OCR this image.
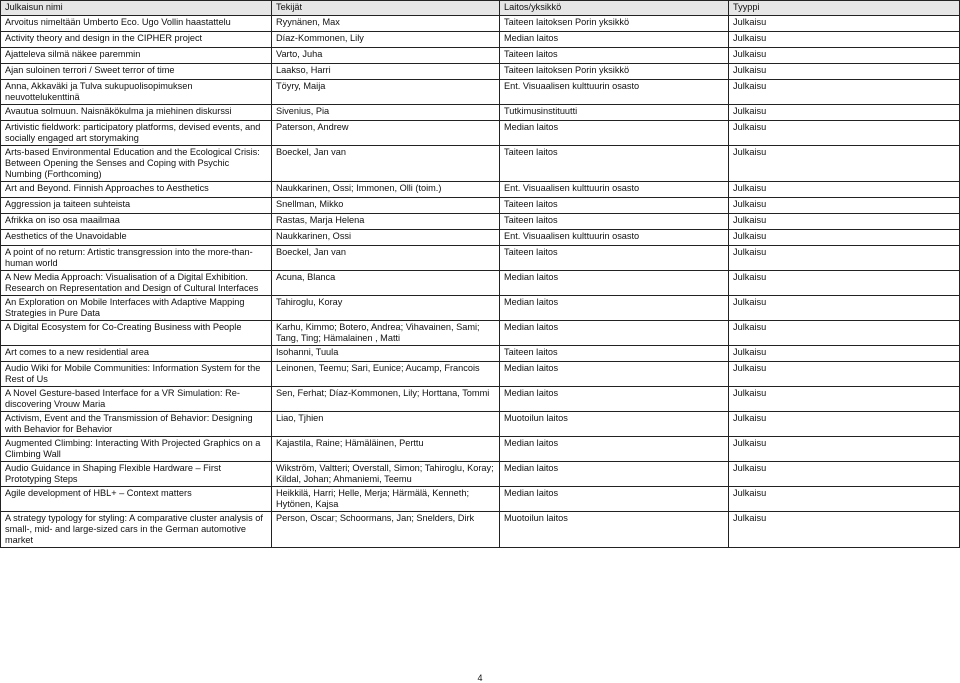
Julkaisun nimi	Tekijät	Laitos/yksikkö	Tyyppi
Arvoitus nimeltään Umberto Eco. Ugo Vollin haastattelu	Ryynänen, Max	Taiteen laitoksen Porin yksikkö	Julkaisu
Activity theory and design in the CIPHER project	Díaz-Kommonen, Lily	Median laitos	Julkaisu
Ajatteleva silmä näkee paremmin	Varto, Juha	Taiteen laitos	Julkaisu
Ajan suloinen terrori / Sweet terror of time	Laakso, Harri	Taiteen laitoksen Porin yksikkö	Julkaisu
Anna, Akkaväki ja Tulva sukupuolisopimuksen neuvottelukenttinä	Töyry, Maija	Ent. Visuaalisen kulttuurin osasto	Julkaisu
Avautua solmuun. Naisnäkökulma ja miehinen diskurssi	Sivenius, Pia	Tutkimusinstituutti	Julkaisu
Artivistic fieldwork: participatory platforms, devised events, and socially engaged art storymaking	Paterson, Andrew	Median laitos	Julkaisu
Arts-based Environmental Education and the Ecological Crisis: Between Opening the Senses and Coping with Psychic Numbing (Forthcoming)	Boeckel, Jan van	Taiteen laitos	Julkaisu
Art and Beyond. Finnish Approaches to Aesthetics	Naukkarinen, Ossi; Immonen, Olli (toim.)	Ent. Visuaalisen kulttuurin osasto	Julkaisu
Aggression ja taiteen suhteista	Snellman, Mikko	Taiteen laitos	Julkaisu
Afrikka on iso osa maailmaa	Rastas, Marja Helena	Taiteen laitos	Julkaisu
Aesthetics of the Unavoidable	Naukkarinen, Ossi	Ent. Visuaalisen kulttuurin osasto	Julkaisu
A point of no return: Artistic transgression into the more-than-human world	Boeckel, Jan van	Taiteen laitos	Julkaisu
A New Media Approach: Visualisation of a Digital Exhibition. Research on Representation and Design of Cultural Interfaces	Acuna, Blanca	Median laitos	Julkaisu
An Exploration on Mobile Interfaces with Adaptive Mapping Strategies in Pure Data	Tahiroglu, Koray	Median laitos	Julkaisu
A Digital Ecosystem for Co-Creating Business with People	Karhu, Kimmo; Botero, Andrea; Vihavainen, Sami; Tang, Ting; Hämalainen , Matti	Median laitos	Julkaisu
Art comes to a new residential area	Isohanni, Tuula	Taiteen laitos	Julkaisu
Audio Wiki for Mobile Communities: Information System for the Rest of Us	Leinonen, Teemu; Sari, Eunice; Aucamp, Francois	Median laitos	Julkaisu
A Novel Gesture-based Interface for a VR Simulation: Re-discovering Vrouw Maria	Sen, Ferhat; Díaz-Kommonen, Lily; Horttana, Tommi	Median laitos	Julkaisu
Activism, Event and the Transmission of Behavior: Designing with Behavior for Behavior	Liao, Tjhien	Muotoilun laitos	Julkaisu
Augmented Climbing: Interacting With Projected Graphics on a Climbing Wall	Kajastila, Raine; Hämäläinen, Perttu	Median laitos	Julkaisu
Audio Guidance in Shaping Flexible Hardware – First Prototyping Steps	Wikström, Valtteri; Overstall, Simon; Tahiroglu, Koray; Kildal, Johan; Ahmaniemi, Teemu	Median laitos	Julkaisu
Agile development of HBL+ – Context matters	Heikkilä, Harri; Helle, Merja; Härmälä, Kenneth; Hytönen, Kajsa	Median laitos	Julkaisu
A strategy typology for styling: A comparative cluster analysis of small-, mid- and large-sized cars in the German automotive market	Person, Oscar; Schoormans, Jan; Snelders, Dirk	Muotoilun laitos	Julkaisu
4
